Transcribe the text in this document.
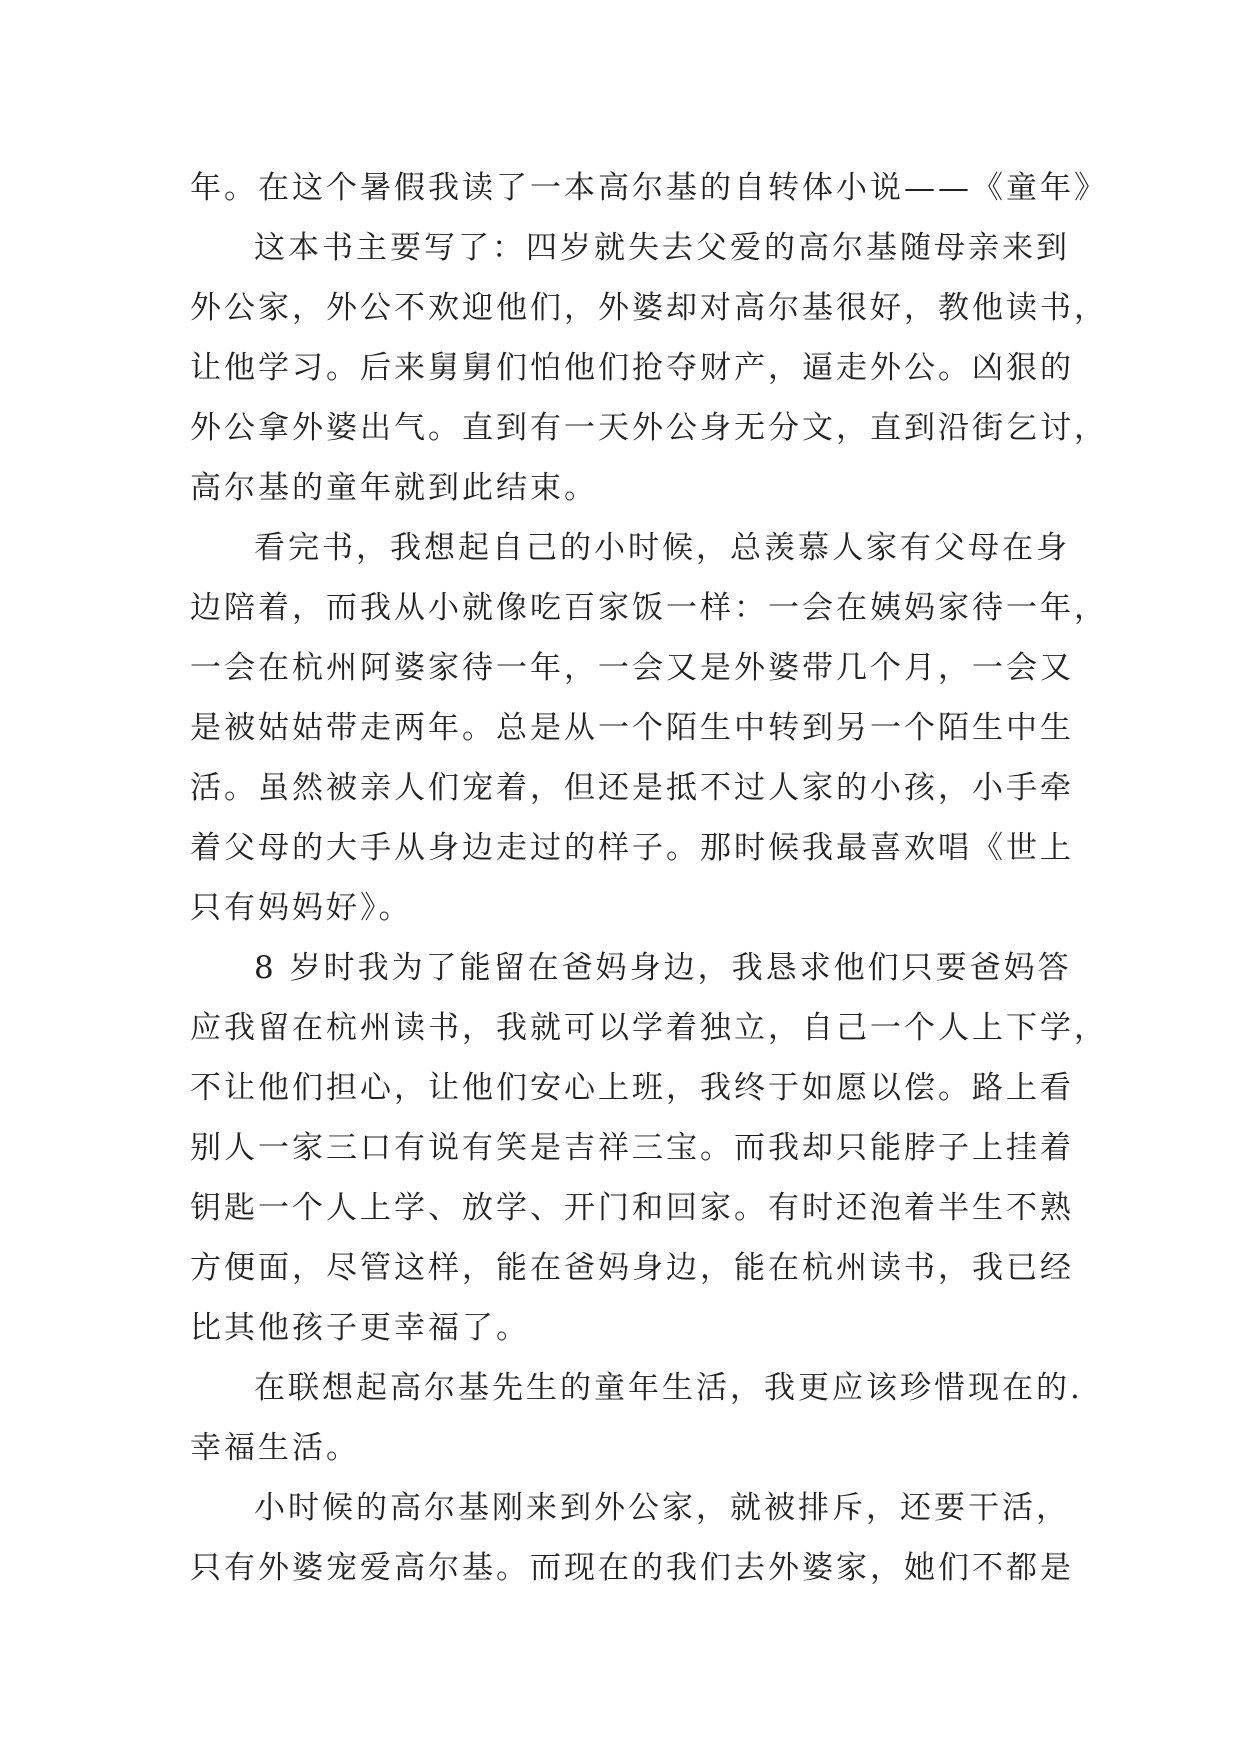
年。在这个暑假我读了一本高尔基的自转体小说——《童年》
这本书主要写了：四岁就失去父爱的高尔基随母亲来到
外公家，外公不欢迎他们，外婆却对高尔基很好，教他读书，
让他学习。后来舅舅们怕他们抢夺财产，逼走外公。凶狠的
外公拿外婆出气。直到有一天外公身无分文，直到沿街乞讨，
高尔基的童年就到此结束。
看完书，我想起自己的小时候，总羡慕人家有父母在身
边陪着，而我从小就像吃百家饭一样：一会在姨妈家待一年，
一会在杭州阿婆家待一年，一会又是外婆带几个月，一会又
是被姑姑带走两年。总是从一个陌生中转到另一个陌生中生
活。虽然被亲人们宠着，但还是抵不过人家的小孩，小手牵
着父母的大手从身边走过的样子。那时候我最喜欢唱《世上
只有妈妈好》。
8 岁时我为了能留在爸妈身边，我恳求他们只要爸妈答
应我留在杭州读书，我就可以学着独立，自己一个人上下学，
不让他们担心，让他们安心上班，我终于如愿以偿。路上看
别人一家三口有说有笑是吉祥三宝。而我却只能脖子上挂着
钥匙一个人上学、放学、开门和回家。有时还泡着半生不熟
方便面，尽管这样，能在爸妈身边，能在杭州读书，我已经
比其他孩子更幸福了。
在联想起高尔基先生的童年生活，我更应该珍惜现在的.
幸福生活。
小时候的高尔基刚来到外公家，就被排斥，还要干活，
只有外婆宠爱高尔基。而现在的我们去外婆家，她们不都是
